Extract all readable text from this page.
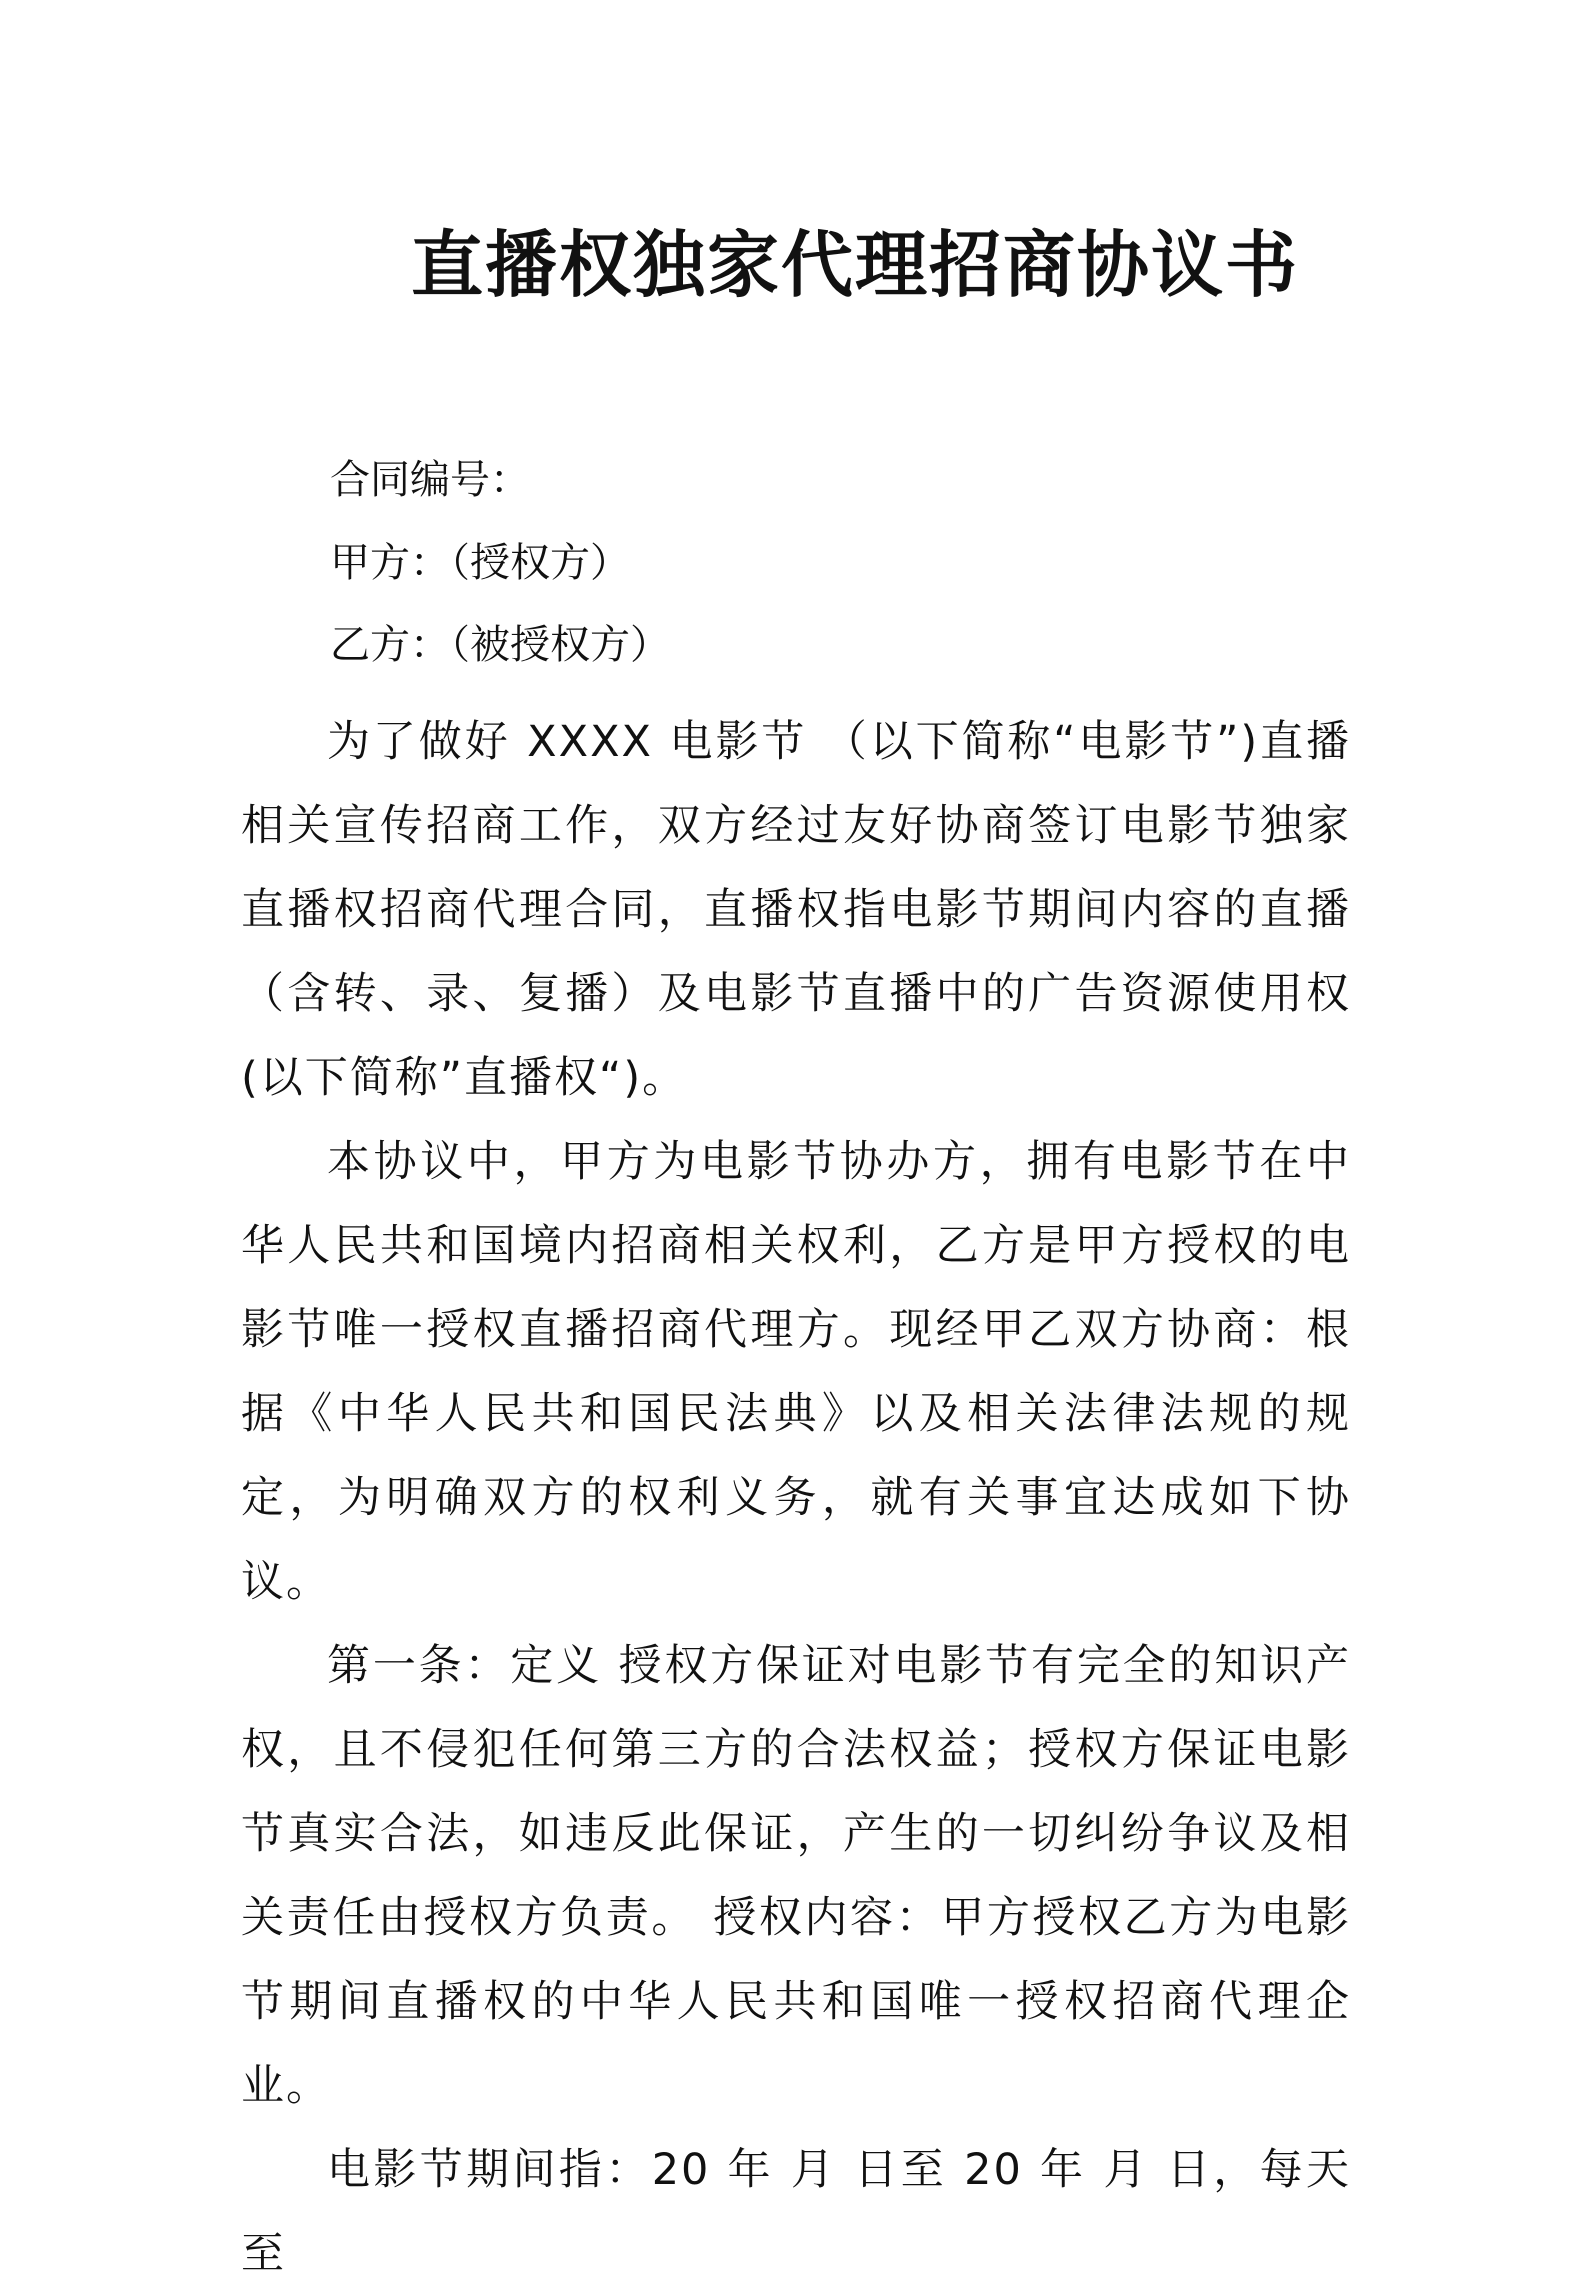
直播权独家代理招商协议书
合同编号：
甲方：（授权方）
乙方：（被授权方）

为了做好 XXXX 电影节 （以下简称“电影节”)直播相关宣传招商工作，双方经过友好协商签订电影节独家直播权招商代理合同，直播权指电影节期间内容的直播 （含转、录、复播）及电影节直播中的广告资源使用权(以下简称”直播权“)。

本协议中，甲方为电影节协办方，拥有电影节在中华人民共和国境内招商相关权利，乙方是甲方授权的电影节唯一授权直播招商代理方。现经甲乙双方协商：根据《中华人民共和国民法典》以及相关法律法规的规定，为明确双方的权利义务，就有关事宜达成如下协议。

第一条：定义 授权方保证对电影节有完全的知识产权，且不侵犯任何第三方的合法权益；授权方保证电影节真实合法，如违反此保证，产生的一切纠纷争议及相关责任由授权方负责。 授权内容：甲方授权乙方为电影节期间直播权的中华人民共和国唯一授权招商代理企业。

电影节期间指：20 年 月 日至 20 年 月 日，每天至
